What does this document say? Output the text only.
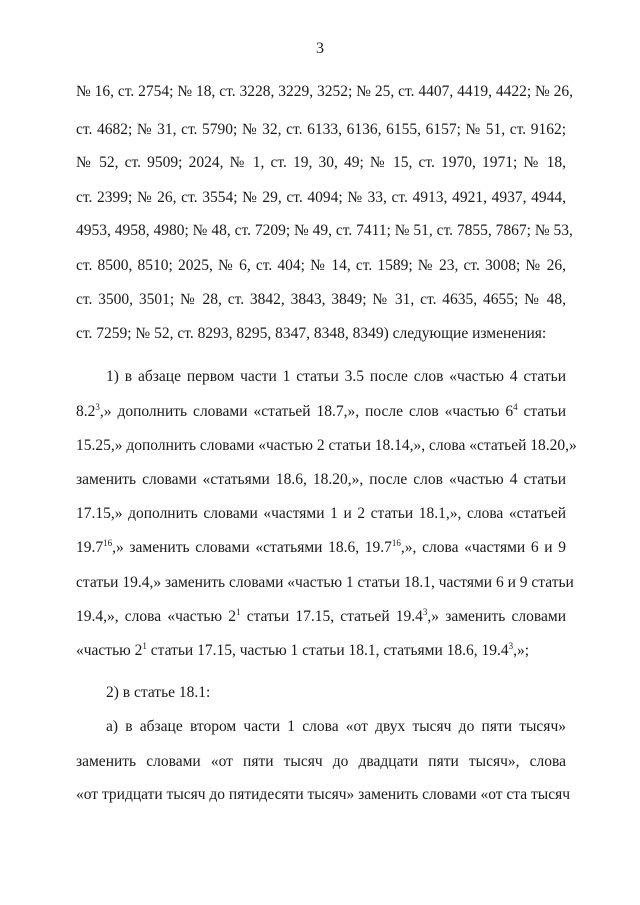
3
№ 16, ст. 2754; № 18, ст. 3228, 3229, 3252; № 25, ст. 4407, 4419, 4422; № 26,
ст. 4682; № 31, ст. 5790; № 32, ст. 6133, 6136, 6155, 6157; № 51, ст. 9162;
№ 52, ст. 9509; 2024, № 1, ст. 19, 30, 49; № 15, ст. 1970, 1971; № 18,
ст. 2399; № 26, ст. 3554; № 29, ст. 4094; № 33, ст. 4913, 4921, 4937, 4944,
4953, 4958, 4980; № 48, ст. 7209; № 49, ст. 7411; № 51, ст. 7855, 7867; № 53,
ст. 8500, 8510; 2025, № 6, ст. 404; № 14, ст. 1589; № 23, ст. 3008; № 26,
ст. 3500, 3501; № 28, ст. 3842, 3843, 3849; № 31, ст. 4635, 4655; № 48,
ст. 7259; № 52, ст. 8293, 8295, 8347, 8348, 8349) следующие изменения:
1) в абзаце первом части 1 статьи 3.5 после слов «частью 4 статьи
$8.2^3$,» дополнить словами «статьей 18.7,», после слов «частью $6^4$ статьи
15.25,» дополнить словами «частью 2 статьи 18.14,», слова «статьей 18.20,»
заменить словами «статьями 18.6, 18.20,», после слов «частью 4 статьи
17.15,» дополнить словами «частями 1 и 2 статьи 18.1,», слова «статьей
19.7$^{16}$,» заменить словами «статьями 18.6, 19.7$^{16}$,», слова «частями 6 и 9
статьи 19.4,» заменить словами «частью 1 статьи 18.1, частями 6 и 9 статьи
19.4,», слова «частью $2^1$ статьи 17.15, статьей 19.4$^3$,» заменить словами
«частью $2^1$ статьи 17.15, частью 1 статьи 18.1, статьями 18.6, 19.4$^3$,»;
2) в статье 18.1:
а) в абзаце втором части 1 слова «от двух тысяч до пяти тысяч»
заменить словами «от пяти тысяч до двадцати пяти тысяч», слова
«от тридцати тысяч до пятидесяти тысяч» заменить словами «от ста тысяч
